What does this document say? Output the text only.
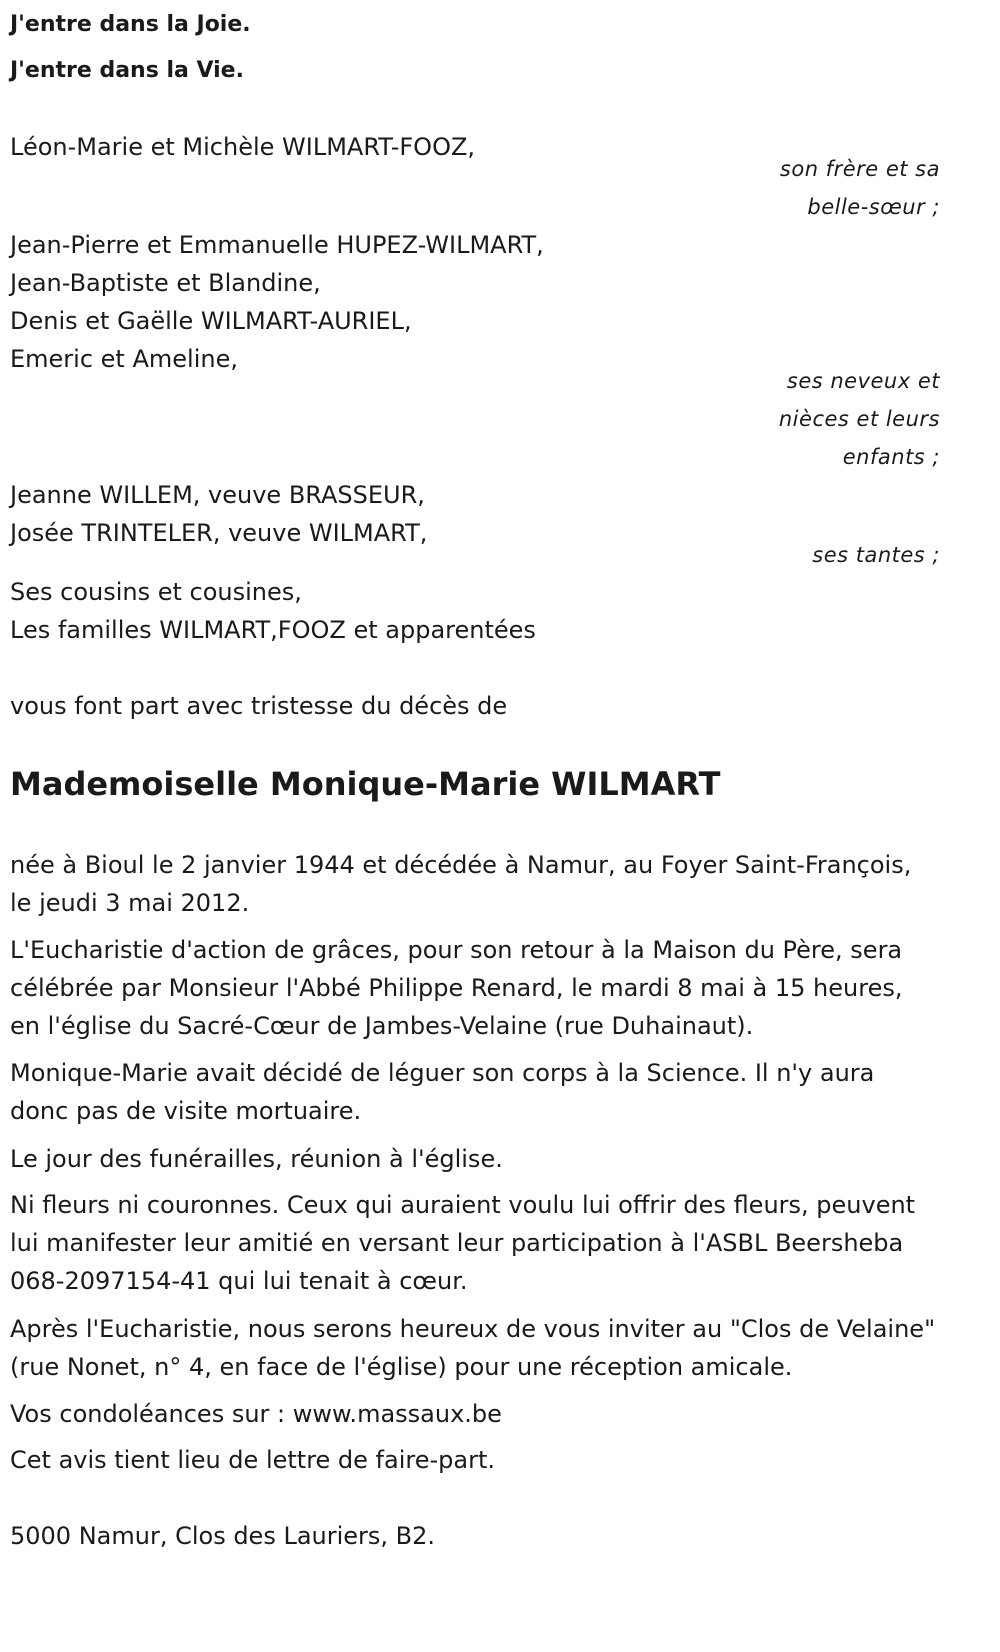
J'entre dans la Joie.
J'entre dans la Vie.
Léon-Marie et Michèle WILMART-FOOZ,
son frère et sa
belle-sœur ;
Jean-Pierre et Emmanuelle HUPEZ-WILMART,
Jean-Baptiste et Blandine,
Denis et Gaëlle WILMART-AURIEL,
Emeric et Ameline,
ses neveux et
nièces et leurs
enfants ;
Jeanne WILLEM, veuve BRASSEUR,
Josée TRINTELER, veuve WILMART,
ses tantes ;
Ses cousins et cousines,
Les familles WILMART,FOOZ et apparentées
vous font part avec tristesse du décès de
Mademoiselle Monique-Marie WILMART
née à Bioul le 2 janvier 1944 et décédée à Namur, au Foyer Saint-François, le jeudi 3 mai 2012.
L'Eucharistie d'action de grâces, pour son retour à la Maison du Père, sera célébrée par Monsieur l'Abbé Philippe Renard, le mardi 8 mai à 15 heures, en l'église du Sacré-Cœur de Jambes-Velaine (rue Duhainaut).
Monique-Marie avait décidé de léguer son corps à la Science. Il n'y aura donc pas de visite mortuaire.
Le jour des funérailles, réunion à l'église.
Ni fleurs ni couronnes. Ceux qui auraient voulu lui offrir des fleurs, peuvent lui manifester leur amitié en versant leur participation à l'ASBL Beersheba 068-2097154-41 qui lui tenait à cœur.
Après l'Eucharistie, nous serons heureux de vous inviter au "Clos de Velaine" (rue Nonet, n° 4, en face de l'église) pour une réception amicale.
Vos condoléances sur : www.massaux.be
Cet avis tient lieu de lettre de faire-part.
5000 Namur, Clos des Lauriers, B2.
